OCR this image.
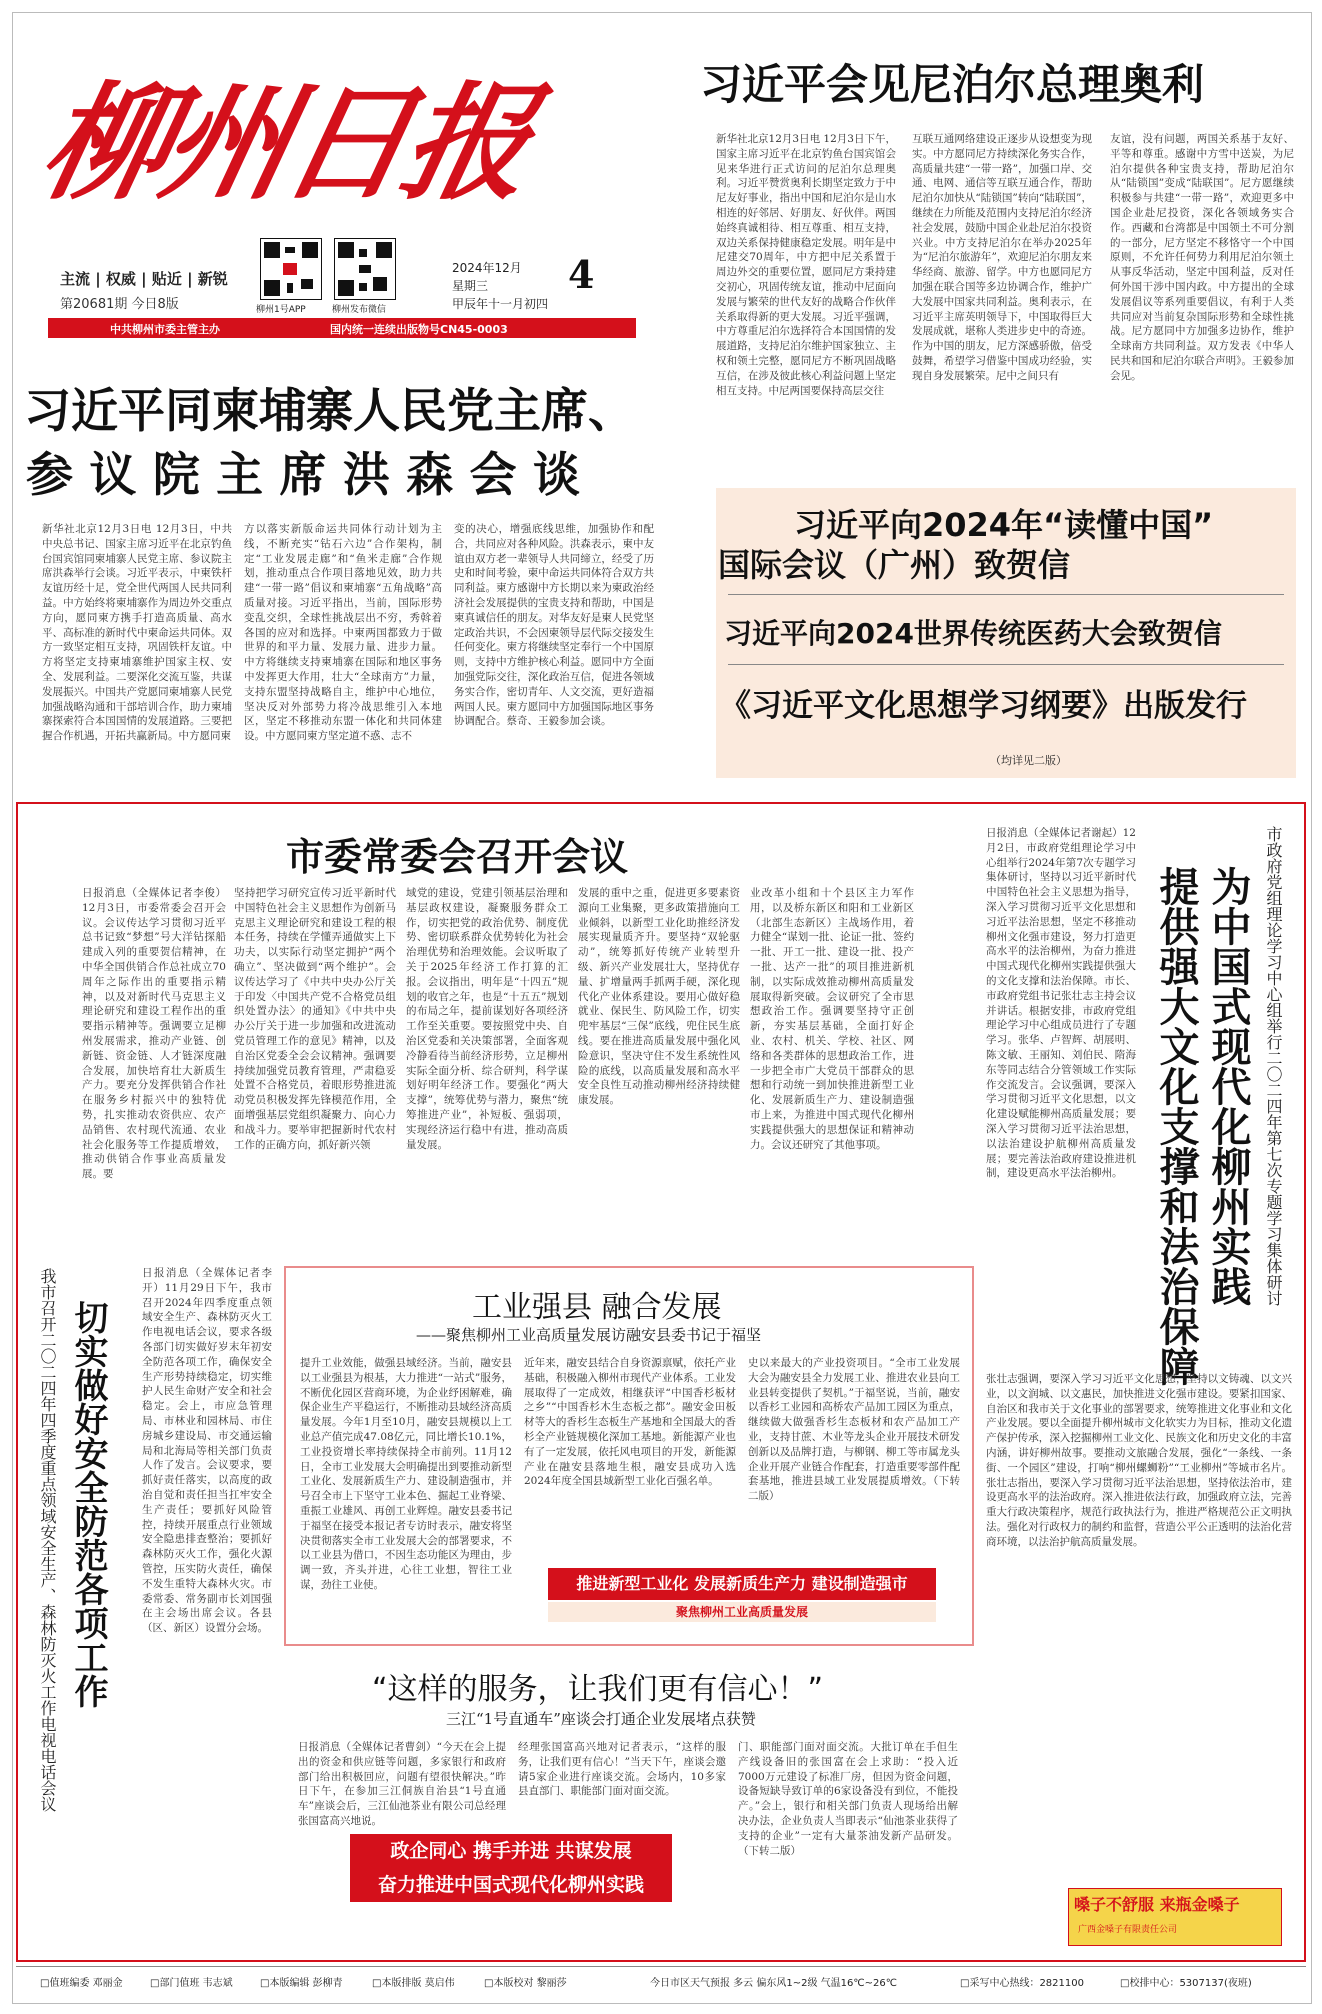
柳州日报
主流 | 权威 | 贴近 | 新锐
第20681期 今日8版	柳州1号APP	柳州发布微信
2024年12月
星期三
甲辰年十一月初四
4
中共柳州市委主管主办	国内统一连续出版物号CN45-0003
习近平会见尼泊尔总理奥利
新华社北京12月3日电 12月3日下午，国家主席习近平在北京钓鱼台国宾馆会见来华进行正式访问的尼泊尔总理奥利。习近平赞赏奥利长期坚定致力于中尼友好事业，指出中国和尼泊尔是山水相连的好邻居、好朋友、好伙伴。两国始终真诚相待、相互尊重、相互支持，双边关系保持健康稳定发展。明年是中尼建交70周年，中方把中尼关系置于周边外交的重要位置，愿同尼方秉持建交初心，巩固传统友谊，推动中尼面向发展与繁荣的世代友好的战略合作伙伴关系取得新的更大发展。习近平强调，中方尊重尼泊尔选择符合本国国情的发展道路，支持尼泊尔维护国家独立、主权和领土完整，愿同尼方不断巩固战略互信，在涉及彼此核心利益问题上坚定相互支持。中尼两国要保持高层交往
互联互通网络建设正逐步从设想变为现实。中方愿同尼方持续深化务实合作，高质量共建“一带一路”，加强口岸、交通、电网、通信等互联互通合作，帮助尼泊尔加快从“陆锁国”转向“陆联国”，继续在力所能及范围内支持尼泊尔经济社会发展，鼓励中国企业赴尼泊尔投资兴业。中方支持尼泊尔在举办2025年为“尼泊尔旅游年”，欢迎尼泊尔朋友来华经商、旅游、留学。中方也愿同尼方加强在联合国等多边协调合作，维护广大发展中国家共同利益。奥利表示，在习近平主席英明领导下，中国取得巨大发展成就，堪称人类进步史中的奇迹。作为中国的朋友，尼方深感骄傲，倍受鼓舞，希望学习借鉴中国成功经验，实现自身发展繁荣。尼中之间只有
友谊，没有问题，两国关系基于友好、平等和尊重。感谢中方雪中送炭，为尼泊尔提供各种宝贵支持，帮助尼泊尔从“陆锁国”变成“陆联国”。尼方愿继续积极参与共建“一带一路”，欢迎更多中国企业赴尼投资，深化各领域务实合作。西藏和台湾都是中国领土不可分割的一部分，尼方坚定不移恪守一个中国原则，不允许任何势力利用尼泊尔领土从事反华活动，坚定中国利益，反对任何外国干涉中国内政。中方提出的全球发展倡议等系列重要倡议，有利于人类共同应对当前复杂国际形势和全球性挑战。尼方愿同中方加强多边协作，维护全球南方共同利益。双方发表《中华人民共和国和尼泊尔联合声明》。王毅参加会见。
习近平同柬埔寨人民党主席、
参 议 院 主 席 洪 森 会 谈
新华社北京12月3日电 12月3日，中共中央总书记、国家主席习近平在北京钓鱼台国宾馆同柬埔寨人民党主席、参议院主席洪森举行会谈。习近平表示，中柬铁杆友谊历经十足，党全世代两国人民共同利益。中方始终将柬埔寨作为周边外交重点方向，愿同柬方携手打造高质量、高水平、高标准的新时代中柬命运共同体。双方一致坚定相互支持，巩固铁杆友谊。中方将坚定支持柬埔寨维护国家主权、安全、发展利益。二要深化交流互鉴，共谋发展振兴。中国共产党愿同柬埔寨人民党加强战略沟通和干部培训合作，助力柬埔寨探索符合本国国情的发展道路。三要把握合作机遇，开拓共赢新局。中方愿同柬
方以落实新版命运共同体行动计划为主线，不断充实“钻石六边”合作架构，制定“工业发展走廊”和“鱼米走廊”合作规划，推动重点合作项目落地见效，助力共建“一带一路”倡议和柬埔寨“五角战略”高质量对接。习近平指出，当前，国际形势变乱交织，全球性挑战层出不穷，秀斡着各国的应对和选择。中柬两国都致力于做世界的和平力量、发展力量、进步力量。中方将继续支持柬埔寨在国际和地区事务中发挥更大作用，壮大“全球南方”力量，支持东盟坚持战略自主，维护中心地位，坚决反对外部势力将冷战思维引入本地区，坚定不移推动东盟一体化和共同体建设。中方愿同柬方坚定道不惑、志不
变的决心，增强底线思维，加强协作和配合，共同应对各种风险。洪森表示，柬中友谊由双方老一辈领导人共同缔立，经受了历史和时间考验，柬中命运共同体符合双方共同利益。柬方感谢中方长期以来为柬政治经济社会发展提供的宝贵支持和帮助，中国是柬真诚信任的朋友。对华友好是柬人民党坚定政治共识，不会因柬领导层代际交接发生任何变化。柬方将继续坚定奉行一个中国原则，支持中方维护核心利益。愿同中方全面加强党际交往，深化政治互信，促进各领域务实合作，密切青年、人文交流，更好造福两国人民。柬方愿同中方加强国际地区事务协调配合。蔡奇、王毅参加会谈。
习近平向2024年“读懂中国”
国际会议（广州）致贺信
习近平向2024世界传统医药大会致贺信
《习近平文化思想学习纲要》出版发行
（均详见二版）
市委常委会召开会议
日报消息（全媒体记者李俊）12月3日，市委常委会召开会议。会议传达学习贯彻习近平总书记致“梦想”号大洋钻探船建成入列的重要贺信精神，在中华全国供销合作总社成立70周年之际作出的重要指示精神，以及对新时代马克思主义理论研究和建设工程作出的重要指示精神等。强调要立足柳州发展需求，推动产业链、创新链、资金链、人才链深度融合发展，加快培育壮大新质生产力。要充分发挥供销合作社在服务乡村振兴中的独特优势，扎实推动农资供应、农产品销售、农村现代流通、农业社会化服务等工作提质增效，推动供销合作事业高质量发展。要
坚持把学习研究宣传习近平新时代中国特色社会主义思想作为创新马克思主义理论研究和建设工程的根本任务，持续在学懂弄通做实上下功夫，以实际行动坚定拥护“两个确立”、坚决做到“两个维护”。会议传达学习了《中共中央办公厅关于印发〈中国共产党不合格党员组织处置办法〉的通知》《中共中央办公厅关于进一步加强和改进流动党员管理工作的意见》精神，以及自治区党委全会会议精神。强调要持续加强党员教育管理，严肃稳妥处置不合格党员，着眼形势推进流动党员积极发挥先锋模范作用，全面增强基层党组织凝聚力、向心力和战斗力。要举审把握新时代农村工作的正确方向，抓好新兴领
域党的建设，党建引领基层治理和基层政权建设，凝聚服务群众工作，切实把党的政治优势、制度优势、密切联系群众优势转化为社会治理优势和治理效能。会议听取了关于2025年经济工作打算的汇报。会议指出，明年是“十四五”规划的收官之年，也是“十五五”规划的布局之年，提前谋划好各项经济工作至关重要。要按照党中央、自治区党委和关决策部署，全面客观冷静看待当前经济形势，立足柳州实际全面分析、综合研判，科学谋划好明年经济工作。要强化“两大支撑”，统筹优势与潜力，聚焦“统筹推进产业”，补短板、强弱项，实现经济运行稳中有进，推动高质量发展。
发展的重中之重，促进更多要素资源向工业集聚，更多政策措施向工业倾斜，以新型工业化助推经济发展实现量质齐升。要坚持“双轮驱动”，统筹抓好传统产业转型升级、新兴产业发展壮大，坚持优存量、扩增量两手抓两手硬，深化现代化产业体系建设。要用心做好稳就业、保民生、防风险工作，切实兜牢基层“三保”底线，兜住民生底线。要在推进高质量发展中强化风险意识，坚决守住不发生系统性风险的底线，以高质量发展和高水平安全良性互动推动柳州经济持续健康发展。
业改革小组和十个县区主力军作用，以及桥东新区和阳和工业新区（北部生态新区）主战场作用，着力健全“谋划一批、论证一批、签约一批、开工一批、建设一批、投产一批、达产一批”的项目推进新机制，以实际成效推动柳州高质量发展取得新突破。会议研究了全市思想政治工作。强调要坚持守正创新，夯实基层基础，全面打好企业、农村、机关、学校、社区、网络和各类群体的思想政治工作，进一步把全市广大党员干部群众的思想和行动统一到加快推进新型工业化、发展新质生产力、建设制造强市上来，为推进中国式现代化柳州实践提供强大的思想保证和精神动力。会议还研究了其他事项。
日报消息（全媒体记者谢起）12月2日，市政府党组理论学习中心组举行2024年第7次专题学习集体研讨，坚持以习近平新时代中国特色社会主义思想为指导，深入学习贯彻习近平文化思想和习近平法治思想，坚定不移推动柳州文化强市建设，努力打造更高水平的法治柳州，为奋力推进中国式现代化柳州实践提供强大的文化支撑和法治保障。市长、市政府党组书记张壮志主持会议并讲话。根据安排，市政府党组理论学习中心组成员进行了专题学习。张华、卢智辉、胡展明、陈文敏、王丽知、刘伯民、隋海东等同志结合分管领域工作实际作交流发言。会议强调，要深入学习贯彻习近平文化思想，以文化建设赋能柳州高质量发展；要深入学习贯彻习近平法治思想，以法治建设护航柳州高质量发展；要完善法治政府建设推进机制，建设更高水平法治柳州。	为中国式现代化柳州实践
提供强大文化支撑和法治保障	市政府党组理论学习中心组举行二〇二四年第七次专题学习集体研讨
张壮志强调，要深入学习习近平文化思想，坚持以文铸魂、以文兴业，以文润城、以文惠民，加快推进文化强市建设。要紧扣国家、自治区和我市关于文化事业的部署要求，统筹推进文化事业和文化产业发展。要以全面提升柳州城市文化软实力为目标，推动文化遗产保护传承，深入挖掘柳州工业文化、民族文化和历史文化的丰富内涵，讲好柳州故事。要推动文旅融合发展，强化“一条线、一条街、一个园区”建设，打响“柳州螺蛳粉”“工业柳州”等城市名片。张壮志指出，要深入学习贯彻习近平法治思想，坚持依法治市，建设更高水平的法治政府。深入推进依法行政，加强政府立法，完善重大行政决策程序，规范行政执法行为，推进严格规范公正文明执法。强化对行政权力的制约和监督，营造公平公正透明的法治化营商环境，以法治护航高质量发展。
我市召开二〇二四年四季度重点领域安全生产、森林防灭火工作电视电话会议 切实做好安全防范各项工作
日报消息（全媒体记者李开）11月29日下午，我市召开2024年四季度重点领域安全生产、森林防灭火工作电视电话会议，要求各级各部门切实做好岁末年初安全防范各项工作，确保安全生产形势持续稳定，切实维护人民生命财产安全和社会稳定。会上，市应急管理局、市林业和园林局、市住房城乡建设局、市交通运输局和北海局等相关部门负责人作了发言。会议要求，要抓好责任落实，以高度的政治自觉和责任担当扛牢安全生产责任；要抓好风险管控，持续开展重点行业领域安全隐患排查整治；要抓好森林防灭火工作，强化火源管控，压实防火责任，确保不发生重特大森林火灾。市委常委、常务副市长刘国强在主会场出席会议。各县（区、新区）设置分会场。
工业强县 融合发展
——聚焦柳州工业高质量发展访融安县委书记于福坚
提升工业效能，做强县域经济。当前，融安县以工业强县为根基，大力推进“一站式”服务，不断优化园区营商环境，为企业纾困解难，确保企业生产平稳运行，不断推动县域经济高质量发展。今年1月至10月，融安县规模以上工业总产值完成47.08亿元，同比增长10.1%，工业投资增长率持续保持全市前列。11月12日，全市工业发展大会明确提出到要推动新型工业化、发展新质生产力、建设制造强市，并号召全市上下坚守工业本色、掘起工业脊梁、重振工业雄风、再创工业辉煌。融安县委书记于福坚在接受本报记者专访时表示，融安将坚决贯彻落实全市工业发展大会的部署要求，不以工业县为借口，不因生态功能区为理由，步调一致，齐头并进，心往工业想，智往工业谋，劲往工业使。
近年来，融安县结合自身资源禀赋，依托产业基础，积极融入柳州市现代产业体系。工业发展取得了一定成效，相继获评“中国香杉板材之乡”“中国香杉木生态板之都”。融安金田板材等大的香杉生态板生产基地和全国最大的香杉全产业链规模化深加工基地。新能源产业也有了一定发展，依托风电项目的开发，新能源产业在融安县落地生根，融安县成功入选2024年度全国县域新型工业化百强名单。
史以来最大的产业投资项目。“全市工业发展大会为融安县全力发展工业、推进农业县向工业县转变提供了契机。”于福坚说，当前，融安以香杉工业园和高桥农产品加工园区为重点，继续做大做强香杉生态板材和农产品加工产业，支持甘蔗、木业等龙头企业开展技术研发创新以及品牌打造，与柳钢、柳工等市属龙头企业开展产业链合作配套，打造重要零部件配套基地，推进县域工业发展提质增效。（下转二版）
推进新型工业化 发展新质生产力 建设制造强市
聚焦柳州工业高质量发展
“这样的服务，让我们更有信心！”
三江“1号直通车”座谈会打通企业发展堵点获赞
日报消息（全媒体记者曹剑）“今天在会上提出的资金和供应链等问题，多家银行和政府部门给出积极回应，问题有望很快解决。”昨日下午，在参加三江侗族自治县“1号直通车”座谈会后，三江仙池茶业有限公司总经理张国富高兴地说。
经理张国富高兴地对记者表示，“这样的服务，让我们更有信心！”当天下午，座谈会邀请5家企业进行座谈交流。会场内，10多家县直部门、职能部门面对面交流。
门、职能部门面对面交流。大批订单在手但生产线设备旧的张国富在会上求助：“投入近7000万元建设了标准厂房，但因为资金问题，设备短缺导致订单的6家设备没有到位，不能投产。”会上，银行和相关部门负责人现场给出解决办法，企业负责人当即表示“仙池茶业获得了支持的企业”一定有大量茶油发新产品研发。（下转二版）
政企同心 携手并进 共谋发展
奋力推进中国式现代化柳州实践
嗓子不舒服 来瓶金嗓子
广西金嗓子有限责任公司
□值班编委 邓丽金	□部门值班 韦志斌	□本版编辑 彭柳青	□本版排版 莫启伟	□本版校对 黎丽莎	今日市区天气预报 多云 偏东风1~2级 气温16℃~26℃	□采写中心热线：2821100	□校排中心：5307137(夜班)
